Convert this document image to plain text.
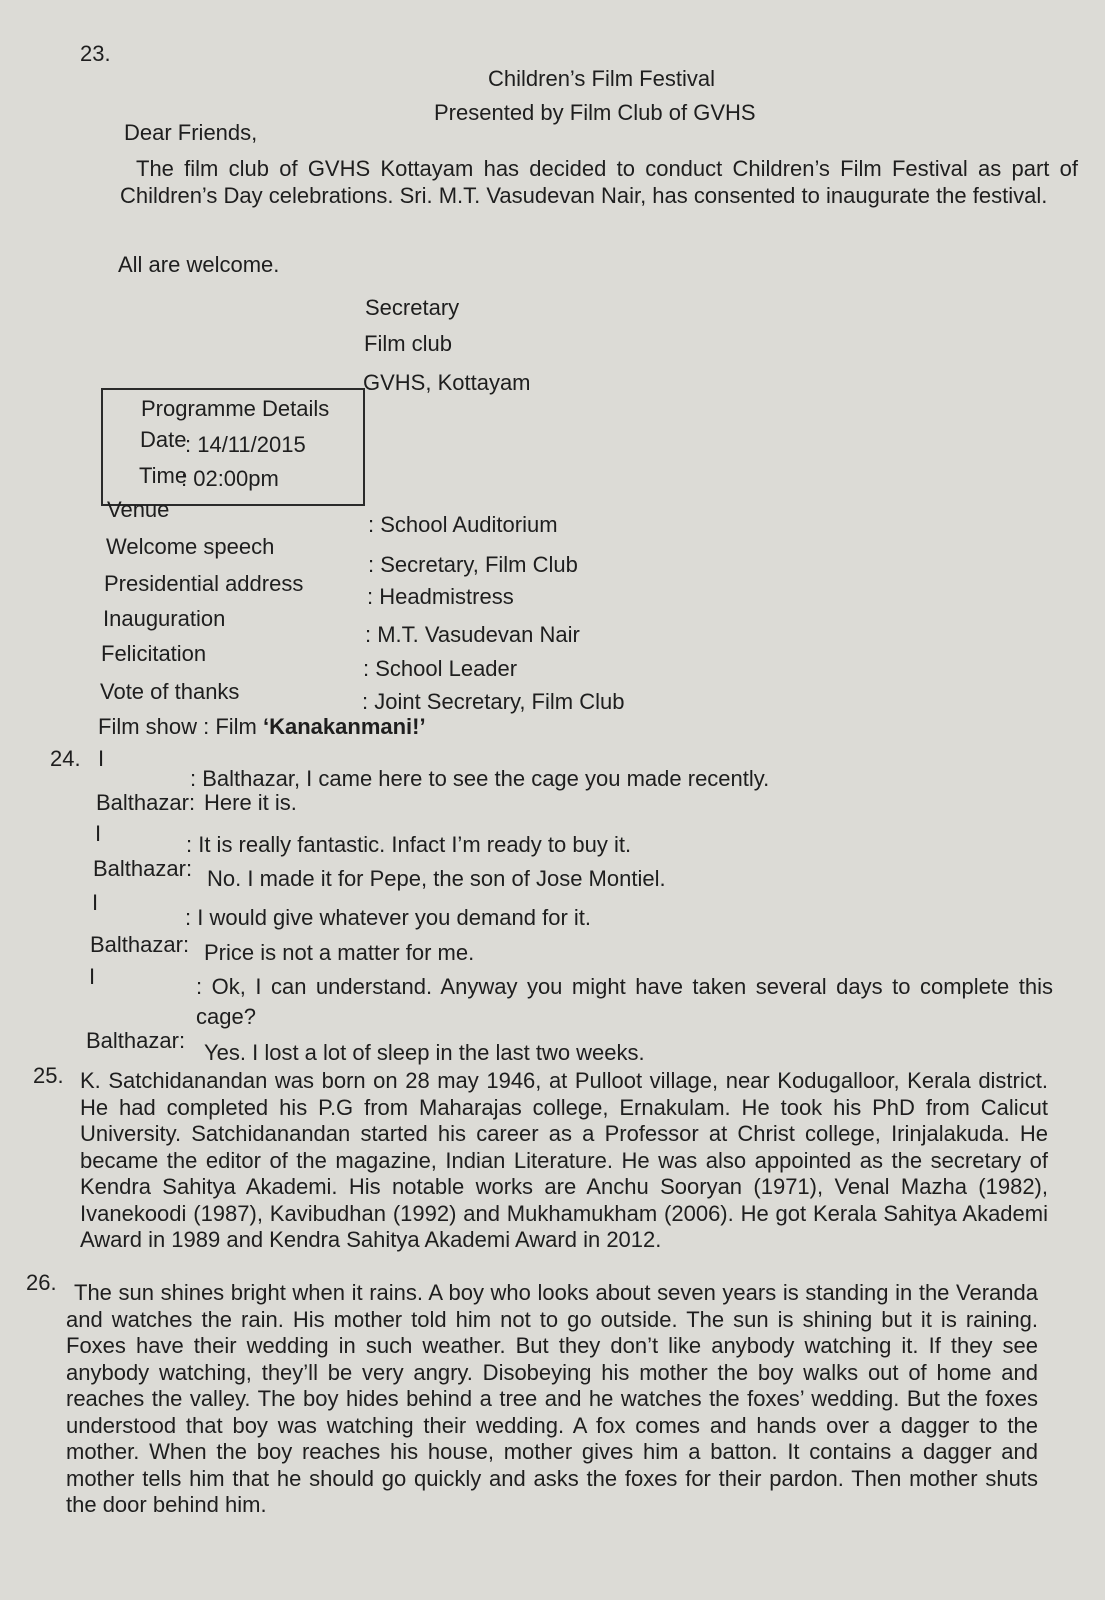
23.
Children’s Film Festival
Presented by Film Club of GVHS
Dear Friends,
The film club of GVHS Kottayam has decided to conduct Children’s Film Festival as part of Children’s Day celebrations. Sri. M.T. Vasudevan Nair, has consented to inaugurate the festival.
All are welcome.
Secretary
Film club
GVHS, Kottayam
Programme Details
Date
: 14/11/2015
Time
: 02:00pm
Venue
: School Auditorium
Welcome speech
: Secretary, Film Club
Presidential address
: Headmistress
Inauguration
: M.T. Vasudevan Nair
Felicitation
: School Leader
Vote of thanks	: Joint Secretary, Film Club
Film show : Film ‘Kanakanmani!’
24. I
: Balthazar, I came here to see the cage you made recently.
Balthazar: Here it is.
I	: It is really fantastic. Infact I’m ready to buy it.
Balthazar: No. I made it for Pepe, the son of Jose Montiel.
I
: I would give whatever you demand for it.
Balthazar: Price is not a matter for me.
I	: Ok, I can understand. Anyway you might have taken several days to complete this cage?
Balthazar: Yes. I lost a lot of sleep in the last two weeks.
25. K. Satchidanandan was born on 28 may 1946, at Pulloot village, near Kodugalloor, Kerala district. He had completed his P.G from Maharajas college, Ernakulam. He took his PhD from Calicut University. Satchidanandan started his career as a Professor at Christ college, Irinjalakuda. He became the editor of the magazine, Indian Literature. He was also appointed as the secretary of Kendra Sahitya Akademi. His notable works are Anchu Sooryan (1971), Venal Mazha (1982), Ivanekoodi (1987), Kavibudhan (1992) and Mukhamukham (2006). He got Kerala Sahitya Akademi Award in 1989 and Kendra Sahitya Akademi Award in 2012.
26. The sun shines bright when it rains. A boy who looks about seven years is standing in the Veranda and watches the rain. His mother told him not to go outside. The sun is shining but it is raining. Foxes have their wedding in such weather. But they don’t like anybody watching it. If they see anybody watching, they’ll be very angry. Disobeying his mother the boy walks out of home and reaches the valley. The boy hides behind a tree and he watches the foxes’ wedding. But the foxes understood that boy was watching their wedding. A fox comes and hands over a dagger to the mother. When the boy reaches his house, mother gives him a batton. It contains a dagger and mother tells him that he should go quickly and asks the foxes for their pardon. Then mother shuts the door behind him.
